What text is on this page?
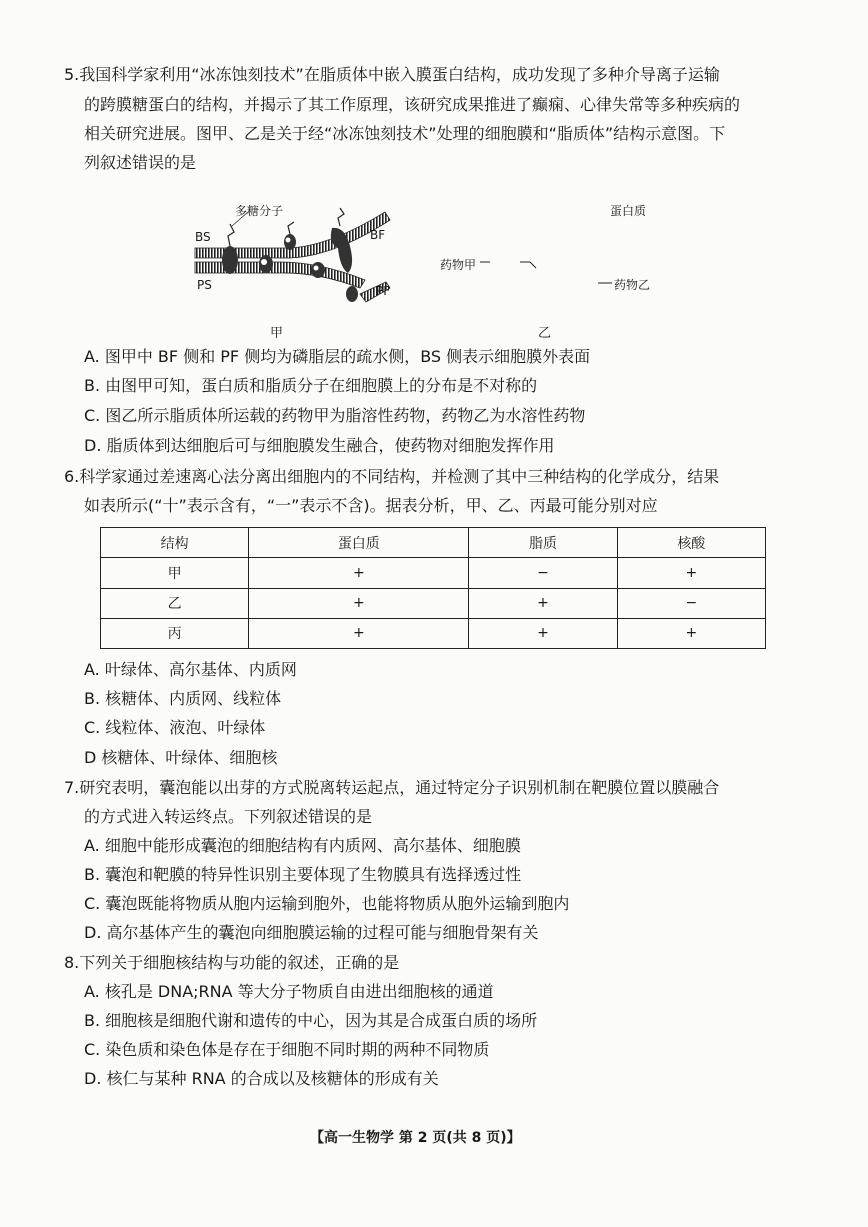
5.我国科学家利用“冰冻蚀刻技术”在脂质体中嵌入膜蛋白结构，成功发现了多种介导离子运输
的跨膜糖蛋白的结构，并揭示了其工作原理，该研究成果推进了癫痫、心律失常等多种疾病的
相关研究进展。图甲、乙是关于经“冰冻蚀刻技术”处理的细胞膜和“脂质体”结构示意图。下
列叙述错误的是
多糖分子
BS	BF
PS	PF
甲
蛋白质
药物甲
药物乙
乙
A. 图甲中 BF 侧和 PF 侧均为磷脂层的疏水侧，BS 侧表示细胞膜外表面
B. 由图甲可知，蛋白质和脂质分子在细胞膜上的分布是不对称的
C. 图乙所示脂质体所运载的药物甲为脂溶性药物，药物乙为水溶性药物
D. 脂质体到达细胞后可与细胞膜发生融合，使药物对细胞发挥作用
6.科学家通过差速离心法分离出细胞内的不同结构，并检测了其中三种结构的化学成分，结果
如表所示(“十”表示含有，“一”表示不含)。据表分析，甲、乙、丙最可能分别对应
结构	蛋白质	脂质	核酸
甲	+	−	+
乙	+	+	−
丙	+	+	+
A. 叶绿体、高尔基体、内质网
B. 核糖体、内质网、线粒体
C. 线粒体、液泡、叶绿体
D 核糖体、叶绿体、细胞核
7.研究表明，囊泡能以出芽的方式脱离转运起点，通过特定分子识别机制在靶膜位置以膜融合
的方式进入转运终点。下列叙述错误的是
A. 细胞中能形成囊泡的细胞结构有内质网、高尔基体、细胞膜
B. 囊泡和靶膜的特异性识别主要体现了生物膜具有选择透过性
C. 囊泡既能将物质从胞内运输到胞外，也能将物质从胞外运输到胞内
D. 高尔基体产生的囊泡向细胞膜运输的过程可能与细胞骨架有关
8.下列关于细胞核结构与功能的叙述，正确的是
A. 核孔是 DNA;RNA 等大分子物质自由进出细胞核的通道
B. 细胞核是细胞代谢和遗传的中心，因为其是合成蛋白质的场所
C. 染色质和染色体是存在于细胞不同时期的两种不同物质
D. 核仁与某种 RNA 的合成以及核糖体的形成有关
【高一生物学 第 2 页(共 8 页)】
